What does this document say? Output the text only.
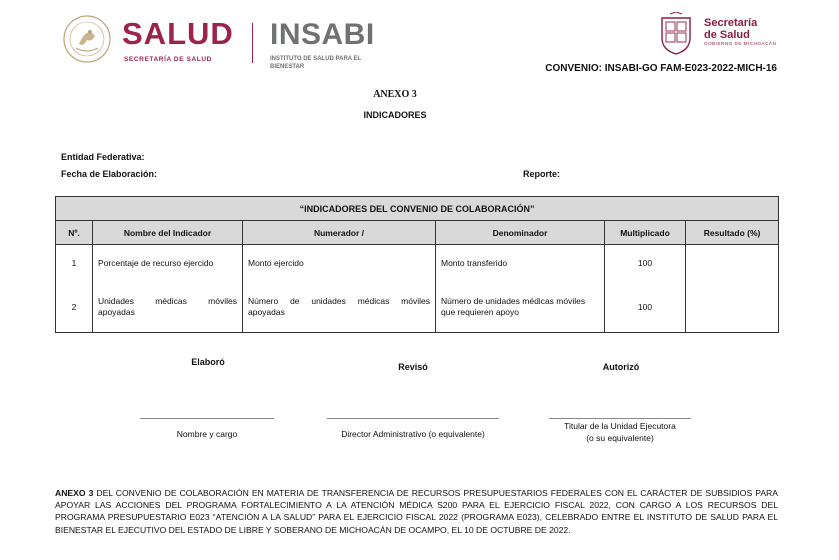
SALUD
SECRETARÍA DE SALUD
INSABI
INSTITUTO DE SALUD PARA EL BIENESTAR
Secretaría
de Salud
GOBIERNO DE MICHOACÁN
CONVENIO: INSABI-GO FAM-E023-2022-MICH-16
ANEXO 3
INDICADORES
Entidad Federativa:
Fecha de Elaboración:	Reporte:
“INDICADORES DEL CONVENIO DE COLABORACIÓN”					
Nº.	Nombre del Indicador	Numerador /	Denominador	Multiplicado	Resultado (%)
1	Porcentaje de recurso ejercido	Monto ejercido	Monto transferido	100	
2	Unidades médicas móviles apoyadas	Número de unidades médicas móviles apoyadas	Número de unidades médicas móviles que requieren apoyo	100	
Elaboró	Revisó	Autorizó
Nombre y cargo	Director Administrativo (o equivalente)
Titular de la Unidad Ejecutora
(o su equivalente)
ANEXO 3 DEL CONVENIO DE COLABORACIÓN EN MATERIA DE TRANSFERENCIA DE RECURSOS PRESUPUESTARIOS FEDERALES CON EL CARÁCTER DE SUBSIDIOS PARA APOYAR LAS ACCIONES DEL PROGRAMA FORTALECIMIENTO A LA ATENCIÓN MÉDICA S200 PARA EL EJERCICIO FISCAL 2022, CON CARGO A LOS RECURSOS DEL PROGRAMA PRESUPUESTARIO E023 “ATENCIÓN A LA SALUD” PARA EL EJERCICIO FISCAL 2022 (PROGRAMA E023), CELEBRADO ENTRE EL INSTITUTO DE SALUD PARA EL BIENESTAR EL EJECUTIVO DEL ESTADO DE LIBRE Y SOBERANO DE MICHOACÁN DE OCAMPO, EL 10 DE OCTUBRE DE 2022.
